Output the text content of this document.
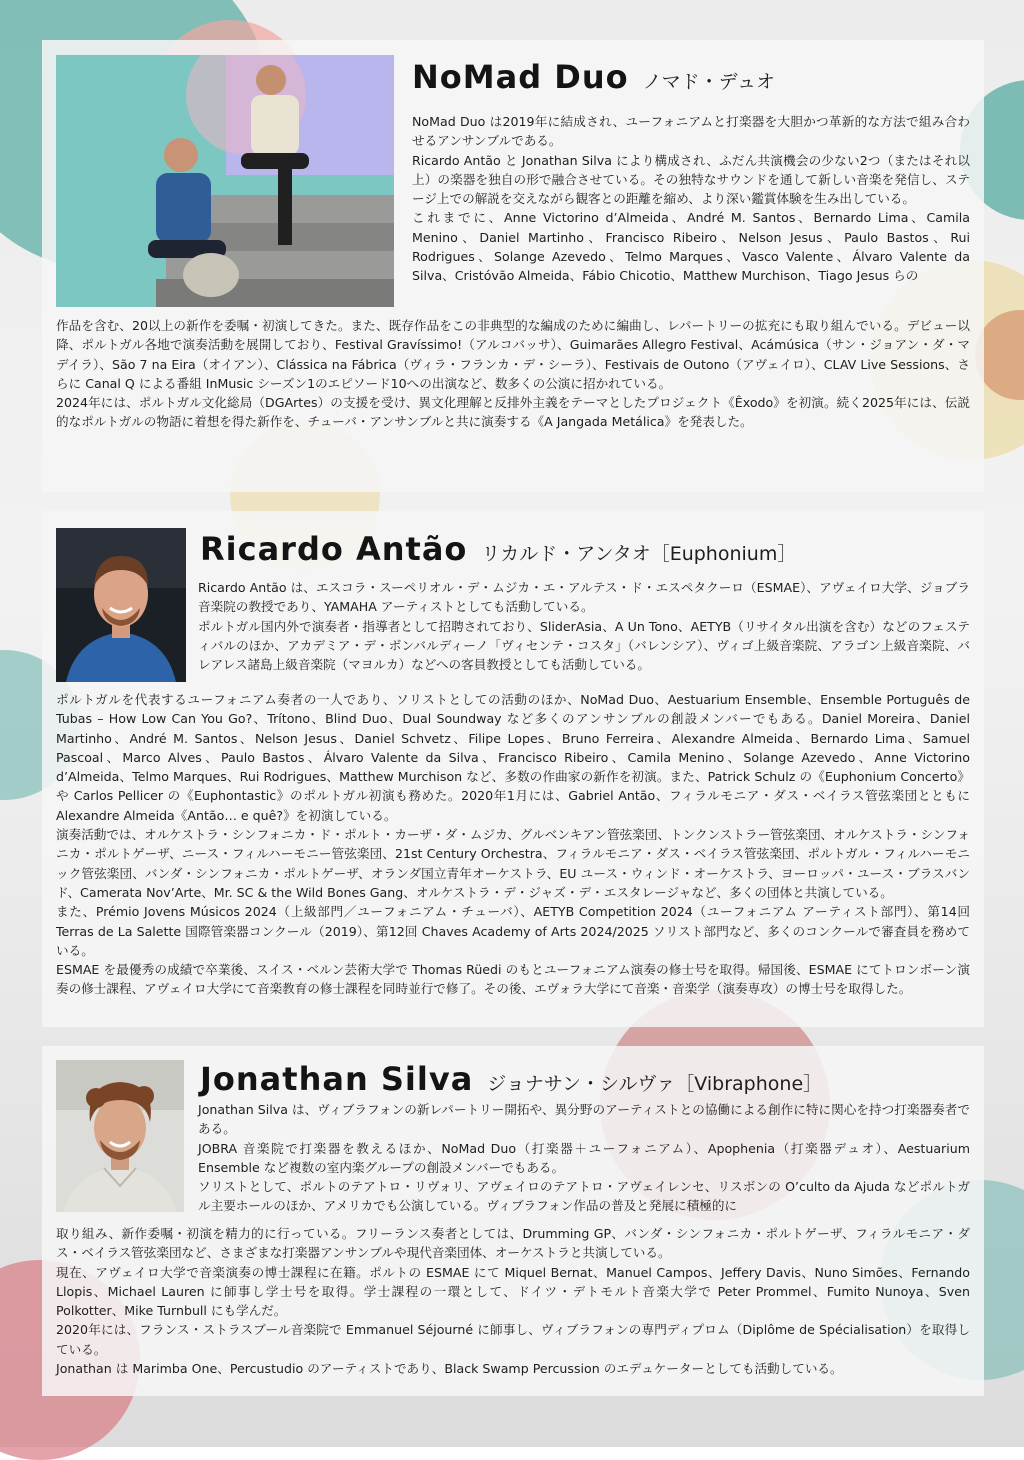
NoMad Duo ノマド・デュオ

NoMad Duo は2019年に結成され、ユーフォニアムと打楽器を大胆かつ革新的な方法で組み合わせるアンサンブルである。

Ricardo Antão と Jonathan Silva により構成され、ふだん共演機会の少ない2つ（またはそれ以上）の楽器を独自の形で融合させている。その独特なサウンドを通して新しい音楽を発信し、ステージ上での解説を交えながら観客との距離を縮め、より深い鑑賞体験を生み出している。

これまでに、Anne Victorino d’Almeida、André M. Santos、Bernardo Lima、Camila Menino、Daniel Martinho、Francisco Ribeiro、Nelson Jesus、Paulo Bastos、Rui Rodrigues、Solange Azevedo、Telmo Marques、Vasco Valente、Álvaro Valente da Silva、Cristóvão Almeida、Fábio Chicotio、Matthew Murchison、Tiago Jesus らの

作品を含む、20以上の新作を委嘱・初演してきた。また、既存作品をこの非典型的な編成のために編曲し、レパートリーの拡充にも取り組んでいる。デビュー以降、ポルトガル各地で演奏活動を展開しており、Festival Gravíssimo!（アルコバッサ）、Guimarães Allegro Festival、Acámúsica（サン・ジョアン・ダ・マデイラ）、São 7 na Eira（オイアン）、Clássica na Fábrica（ヴィラ・フランカ・デ・シーラ）、Festivais de Outono（アヴェイロ）、CLAV Live Sessions、さらに Canal Q による番組 InMusic シーズン1のエピソード10への出演など、数多くの公演に招かれている。

2024年には、ポルトガル文化総局（DGArtes）の支援を受け、異文化理解と反排外主義をテーマとしたプロジェクト《Êxodo》を初演。続く2025年には、伝説的なポルトガルの物語に着想を得た新作を、チューバ・アンサンブルと共に演奏する《A Jangada Metálica》を発表した。

Ricardo Antão リカルド・アンタオ［Euphonium］

Ricardo Antão は、エスコラ・スーペリオル・デ・ムジカ・エ・アルテス・ド・エスペタクーロ（ESMAE）、アヴェイロ大学、ジョブラ音楽院の教授であり、YAMAHA アーティストとしても活動している。

ポルトガル国内外で演奏者・指導者として招聘されており、SliderAsia、A Un Tono、AETYB（リサイタル出演を含む）などのフェスティバルのほか、アカデミア・デ・ボンバルディーノ「ヴィセンテ・コスタ」（バレンシア）、ヴィゴ上級音楽院、アラゴン上級音楽院、バレアレス諸島上級音楽院（マヨルカ）などへの客員教授としても活動している。

ポルトガルを代表するユーフォニアム奏者の一人であり、ソリストとしての活動のほか、NoMad Duo、Aestuarium Ensemble、Ensemble Português de Tubas – How Low Can You Go?、Trítono、Blind Duo、Dual Soundway など多くのアンサンブルの創設メンバーでもある。Daniel Moreira、Daniel Martinho、André M. Santos、Nelson Jesus、Daniel Schvetz、Filipe Lopes、Bruno Ferreira、Alexandre Almeida、Bernardo Lima、Samuel Pascoal、Marco Alves、Paulo Bastos、Álvaro Valente da Silva、Francisco Ribeiro、Camila Menino、Solange Azevedo、Anne Victorino d’Almeida、Telmo Marques、Rui Rodrigues、Matthew Murchison など、多数の作曲家の新作を初演。また、Patrick Schulz の《Euphonium Concerto》や Carlos Pellicer の《Euphontastic》のポルトガル初演も務めた。2020年1月には、Gabriel Antão、フィラルモニア・ダス・ベイラス管弦楽団とともに Alexandre Almeida《Antão… e quê?》を初演している。

演奏活動では、オルケストラ・シンフォニカ・ド・ポルト・カーザ・ダ・ムジカ、グルベンキアン管弦楽団、トンクンストラー管弦楽団、オルケストラ・シンフォニカ・ポルトゲーザ、ニース・フィルハーモニー管弦楽団、21st Century Orchestra、フィラルモニア・ダス・ベイラス管弦楽団、ポルトガル・フィルハーモニック管弦楽団、バンダ・シンフォニカ・ポルトゲーザ、オランダ国立青年オーケストラ、EU ユース・ウィンド・オーケストラ、ヨーロッパ・ユース・ブラスバンド、Camerata Nov’Arte、Mr. SC & the Wild Bones Gang、オルケストラ・デ・ジャズ・デ・エスタレージャなど、多くの団体と共演している。

また、Prémio Jovens Músicos 2024（上級部門／ユーフォニアム・チューバ）、AETYB Competition 2024（ユーフォニアム アーティスト部門）、第14回 Terras de La Salette 国際管楽器コンクール（2019）、第12回 Chaves Academy of Arts 2024/2025 ソリスト部門など、多くのコンクールで審査員を務めている。

ESMAE を最優秀の成績で卒業後、スイス・ベルン芸術大学で Thomas Rüedi のもとユーフォニアム演奏の修士号を取得。帰国後、ESMAE にてトロンボーン演奏の修士課程、アヴェイロ大学にて音楽教育の修士課程を同時並行で修了。その後、エヴォラ大学にて音楽・音楽学（演奏専攻）の博士号を取得した。

Jonathan Silva ジョナサン・シルヴァ［Vibraphone］

Jonathan Silva は、ヴィブラフォンの新レパートリー開拓や、異分野のアーティストとの協働による創作に特に関心を持つ打楽器奏者である。

JOBRA 音楽院で打楽器を教えるほか、NoMad Duo（打楽器＋ユーフォニアム）、Apophenia（打楽器デュオ）、Aestuarium Ensemble など複数の室内楽グループの創設メンバーでもある。

ソリストとして、ポルトのテアトロ・リヴォリ、アヴェイロのテアトロ・アヴェイレンセ、リスボンの O’culto da Ajuda などポルトガル主要ホールのほか、アメリカでも公演している。ヴィブラフォン作品の普及と発展に積極的に

取り組み、新作委嘱・初演を精力的に行っている。フリーランス奏者としては、Drumming GP、バンダ・シンフォニカ・ポルトゲーザ、フィラルモニア・ダス・ベイラス管弦楽団など、さまざまな打楽器アンサンブルや現代音楽団体、オーケストラと共演している。

現在、アヴェイロ大学で音楽演奏の博士課程に在籍。ポルトの ESMAE にて Miquel Bernat、Manuel Campos、Jeffery Davis、Nuno Simões、Fernando Llopis、Michael Lauren に師事し学士号を取得。学士課程の一環として、ドイツ・デトモルト音楽大学で Peter Prommel、Fumito Nunoya、Sven Polkotter、Mike Turnbull にも学んだ。

2020年には、フランス・ストラスブール音楽院で Emmanuel Séjourné に師事し、ヴィブラフォンの専門ディプロム（Diplôme de Spécialisation）を取得している。

Jonathan は Marimba One、Percustudio のアーティストであり、Black Swamp Percussion のエデュケーターとしても活動している。
